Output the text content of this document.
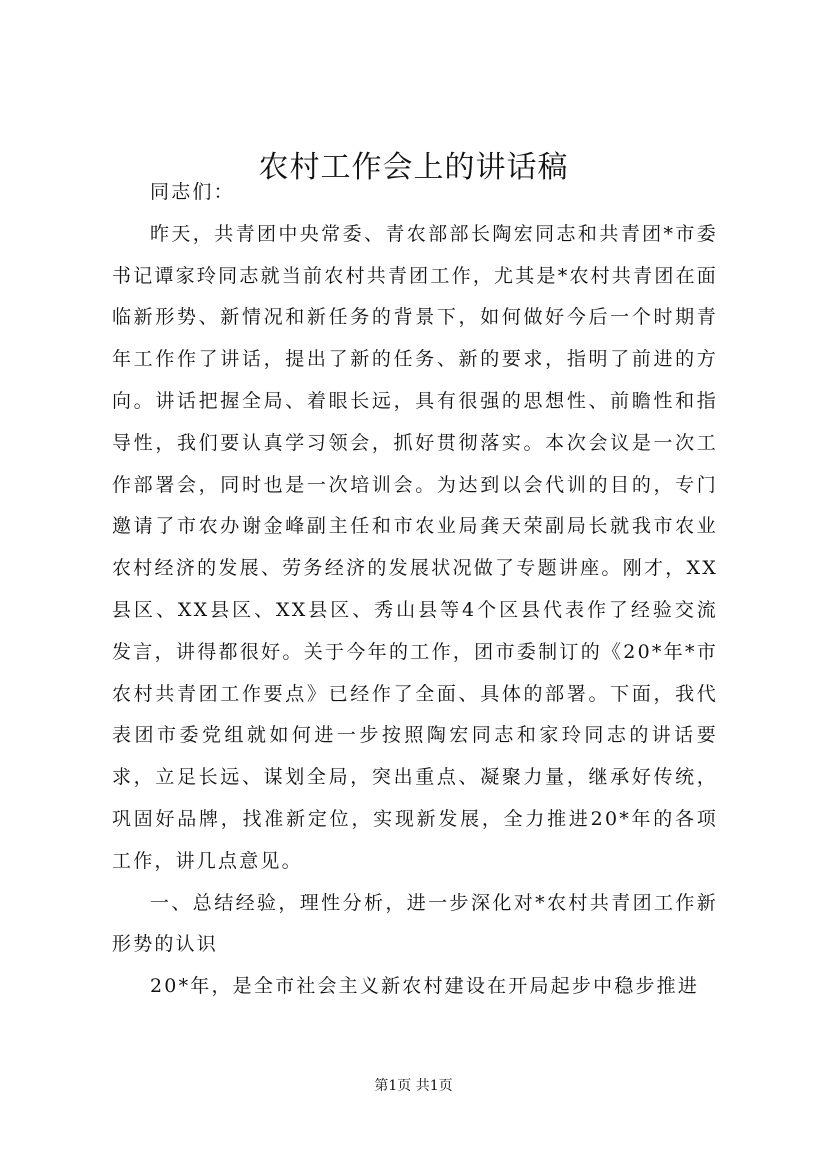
农村工作会上的讲话稿

同志们：

昨天，共青团中央常委、青农部部长陶宏同志和共青团*市委书记谭家玲同志就当前农村共青团工作，尤其是*农村共青团在面临新形势、新情况和新任务的背景下，如何做好今后一个时期青年工作作了讲话，提出了新的任务、新的要求，指明了前进的方向。讲话把握全局、着眼长远，具有很强的思想性、前瞻性和指导性，我们要认真学习领会，抓好贯彻落实。本次会议是一次工作部署会，同时也是一次培训会。为达到以会代训的目的，专门邀请了市农办谢金峰副主任和市农业局龚天荣副局长就我市农业农村经济的发展、劳务经济的发展状况做了专题讲座。刚才，XX县区、XX县区、XX县区、秀山县等4个区县代表作了经验交流发言，讲得都很好。关于今年的工作，团市委制订的《20*年*市农村共青团工作要点》已经作了全面、具体的部署。下面，我代表团市委党组就如何进一步按照陶宏同志和家玲同志的讲话要求，立足长远、谋划全局，突出重点、凝聚力量，继承好传统，巩固好品牌，找准新定位，实现新发展，全力推进20*年的各项工作，讲几点意见。

一、总结经验，理性分析，进一步深化对*农村共青团工作新形势的认识

20*年，是全市社会主义新农村建设在开局起步中稳步推进

第1页 共1页
